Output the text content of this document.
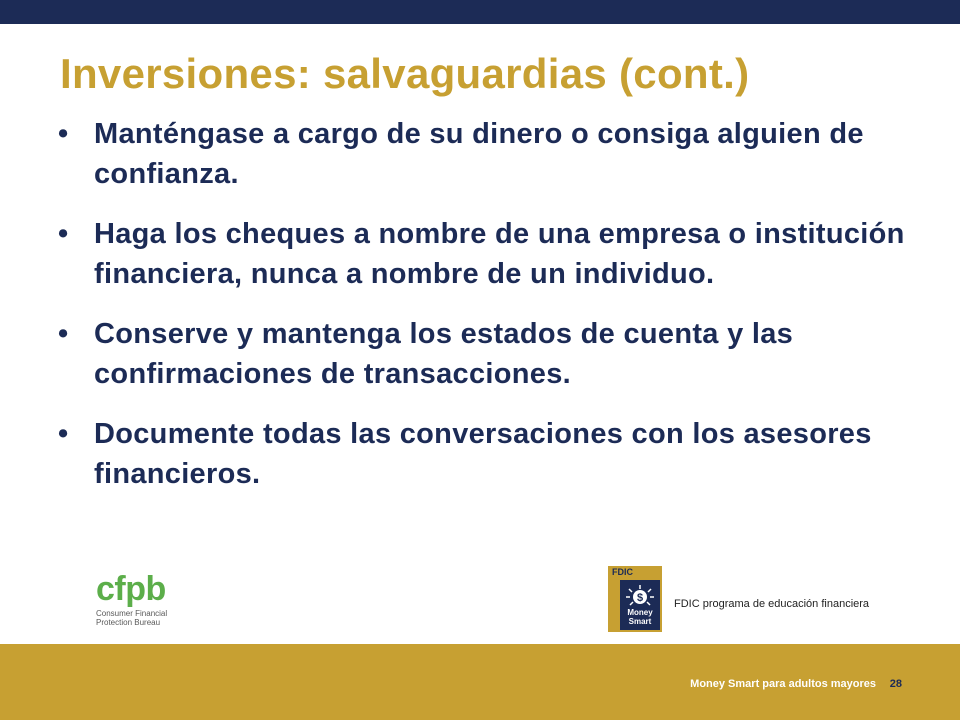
Inversiones: salvaguardias (cont.)
• Manténgase a cargo de su dinero o consiga alguien de confianza.
• Haga los cheques a nombre de una empresa o institución financiera, nunca a nombre de un individuo.
• Conserve y mantenga los estados de cuenta y las confirmaciones de transacciones.
• Documente todas las conversaciones con los asesores financieros.
cfpb
Consumer Financial
Protection Bureau
FDIC
$
Money
Smart
FDIC programa de educación financiera
Money Smart para adultos mayores 28
